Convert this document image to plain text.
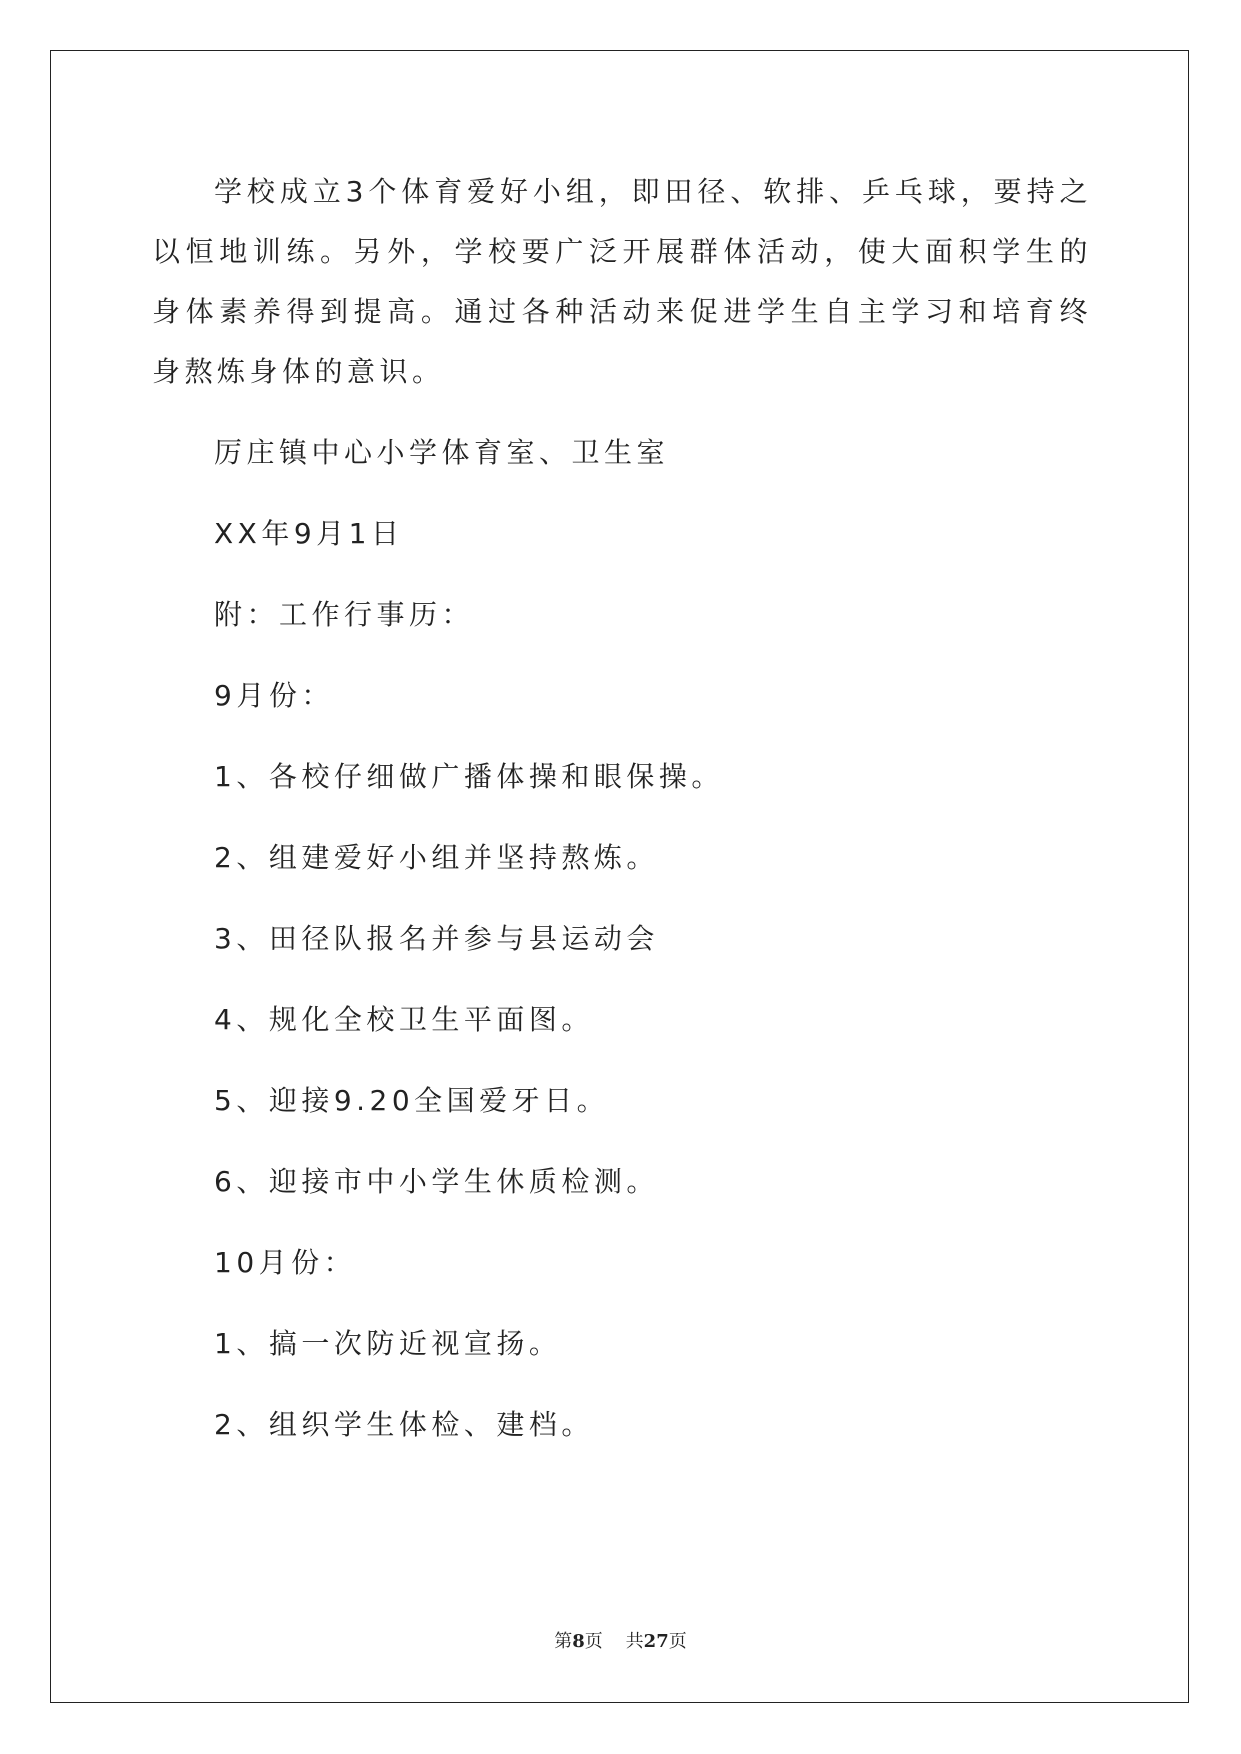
学校成立3个体育爱好小组，即田径、软排、乒乓球，要持之以恒地训练。另外，学校要广泛开展群体活动，使大面积学生的身体素养得到提高。通过各种活动来促进学生自主学习和培育终身熬炼身体的意识。

厉庄镇中心小学体育室、卫生室

XX年9月1日

附：工作行事历：

9月份：

1、各校仔细做广播体操和眼保操。

2、组建爱好小组并坚持熬炼。

3、田径队报名并参与县运动会

4、规化全校卫生平面图。

5、迎接9.20全国爱牙日。

6、迎接市中小学生休质检测。

10月份：

1、搞一次防近视宣扬。

2、组织学生体检、建档。

第8页 共27页
